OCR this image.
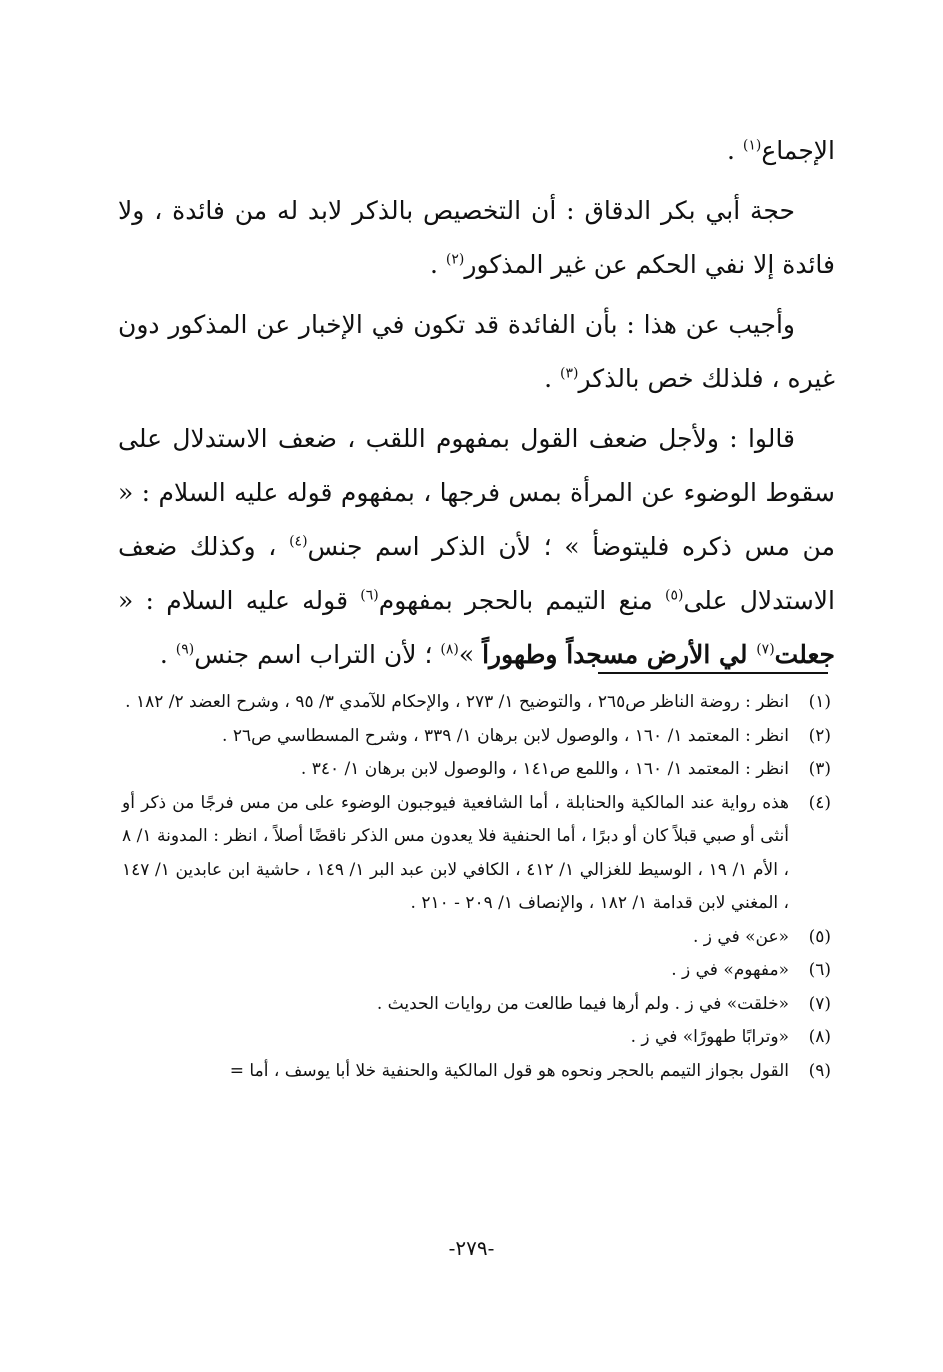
الإجماع$^{(١)}$ .

حجة أبي بكر الدقاق : أن التخصيص بالذكر لابد له من فائدة ، ولا فائدة إلا نفي الحكم عن غير المذكور$^{(٢)}$ .

وأجيب عن هذا : بأن الفائدة قد تكون في الإخبار عن المذكور دون غيره ، فلذلك خص بالذكر$^{(٣)}$ .

قالوا : ولأجل ضعف القول بمفهوم اللقب ، ضعف الاستدلال على سقوط الوضوء عن المرأة بمس فرجها ، بمفهوم قوله عليه السلام : « من مس ذكره فليتوضأ » ؛ لأن الذكر اسم جنس$^{(٤)}$ ، وكذلك ضعف الاستدلال على$^{(٥)}$ منع التيمم بالحجر بمفهوم$^{(٦)}$ قوله عليه السلام : « جعلت$^{(٧)}$ لي الأرض مسجداً وطهوراً »$^{(٨)}$ ؛ لأن التراب اسم جنس$^{(٩)}$ .

(١)
انظر : روضة الناظر ص٢٦٥ ، والتوضيح ١/ ٢٧٣ ، والإحكام للآمدي ٣/ ٩٥ ، وشرح العضد ٢/ ١٨٢ .
(٢)
انظر : المعتمد ١/ ١٦٠ ، والوصول لابن برهان ١/ ٣٣٩ ، وشرح المسطاسي ص٢٦ .
(٣)
انظر : المعتمد ١/ ١٦٠ ، واللمع ص١٤١ ، والوصول لابن برهان ١/ ٣٤٠ .
(٤)
هذه رواية عند المالكية والحنابلة ، أما الشافعية فيوجبون الوضوء على من مس فرجًا من ذكر أو أنثى أو صبي قبلاً كان أو دبرًا ، أما الحنفية فلا يعدون مس الذكر ناقضًا أصلاً ، انظر : المدونة ١/ ٨ ، الأم ١/ ١٩ ، الوسيط للغزالي ١/ ٤١٢ ، الكافي لابن عبد البر ١/ ١٤٩ ، حاشية ابن عابدين ١/ ١٤٧ ، المغني لابن قدامة ١/ ١٨٢ ، والإنصاف ١/ ٢٠٩ - ٢١٠ .
(٥)
«عن» في ز .
(٦)
«مفهوم» في ز .
(٧)
«خلقت» في ز . ولم أرها فيما طالعت من روايات الحديث .
(٨)
«وترابًا طهورًا» في ز .
(٩)
القول بجواز التيمم بالحجر ونحوه هو قول المالكية والحنفية خلا أبا يوسف ، أما =
-٢٧٩-
